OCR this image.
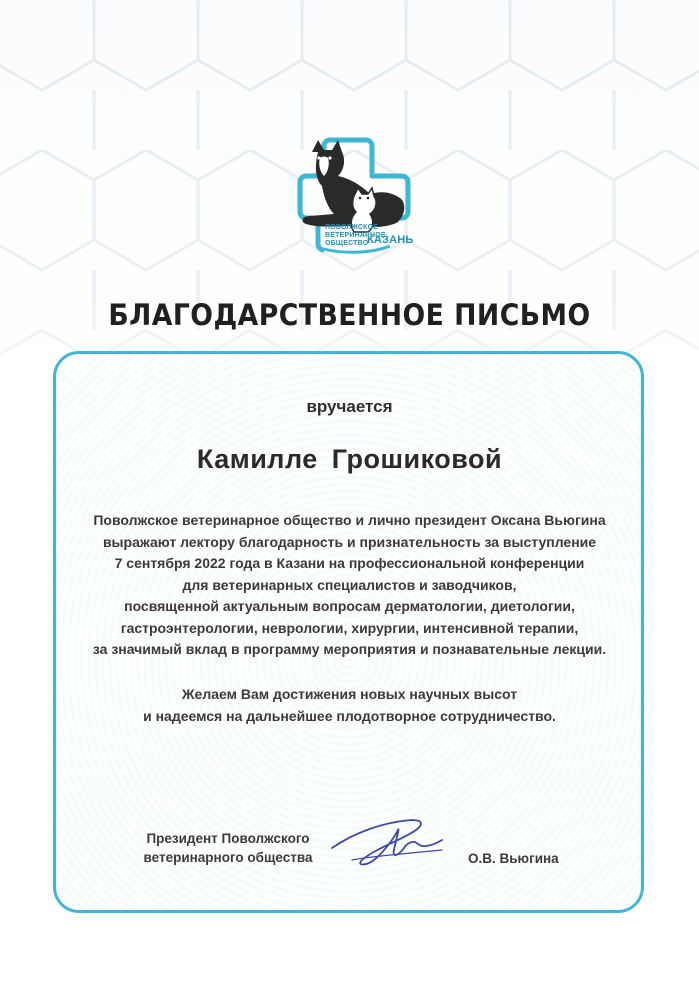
ПОВОЛЖСКОЕ
ВЕТЕРИНАРНОЕ
ОБЩЕСТВО
КАЗАНЬ
БЛАГОДАРСТВЕННОЕ ПИСЬМО
вручается
Камилле Грошиковой
Поволжское ветеринарное общество и лично президент Оксана Вьюгина
выражают лектору благодарность и признательность за выступление
7 сентября 2022 года в Казани на профессиональной конференции
для ветеринарных специалистов и заводчиков,
посвященной актуальным вопросам дерматологии, диетологии,
гастроэнтерологии, неврологии, хирургии, интенсивной терапии,
за значимый вклад в программу мероприятия и познавательные лекции.
Желаем Вам достижения новых научных высот
и надеемся на дальнейшее плодотворное сотрудничество.
Президент Поволжского
ветеринарного общества	О.В. Вьюгина
